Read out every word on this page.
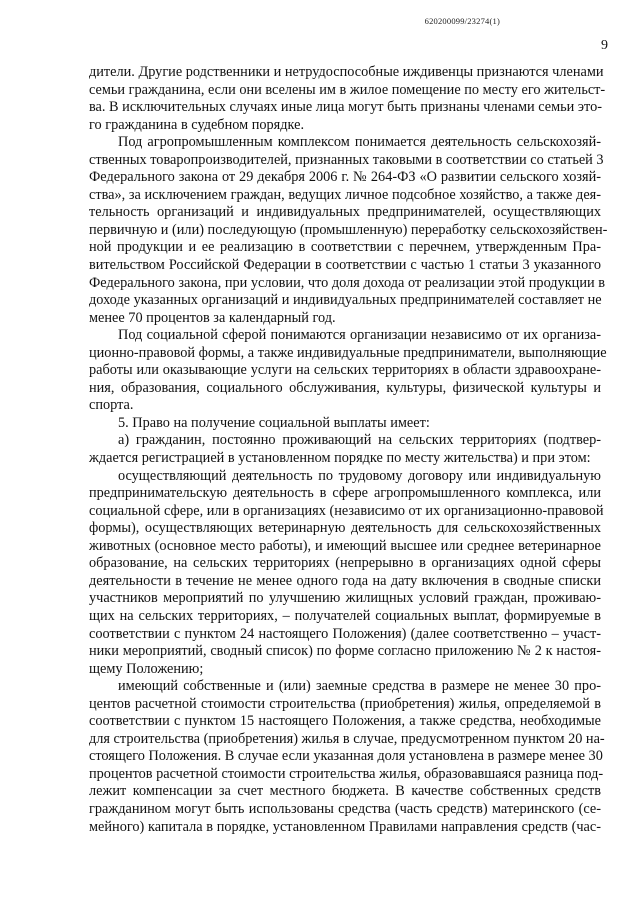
620200099/23274(1)
9
дители. Другие родственники и нетрудоспособные иждивенцы признаются членами
семьи гражданина, если они вселены им в жилое помещение по месту его жительст-
ва. В исключительных случаях иные лица могут быть признаны членами семьи это-
го гражданина в судебном порядке.
Под агропромышленным комплексом понимается деятельность сельскохозяй-
ственных товаропроизводителей, признанных таковыми в соответствии со статьей 3
Федерального закона от 29 декабря 2006 г. № 264-ФЗ «О развитии сельского хозяй-
ства», за исключением граждан, ведущих личное подсобное хозяйство, а также дея-
тельность организаций и индивидуальных предпринимателей, осуществляющих
первичную и (или) последующую (промышленную) переработку сельскохозяйствен-
ной продукции и ее реализацию в соответствии с перечнем, утвержденным Пра-
вительством Российской Федерации в соответствии с частью 1 статьи 3 указанного
Федерального закона, при условии, что доля дохода от реализации этой продукции в
доходе указанных организаций и индивидуальных предпринимателей составляет не
менее 70 процентов за календарный год.
Под социальной сферой понимаются организации независимо от их организа-
ционно-правовой формы, а также индивидуальные предприниматели, выполняющие
работы или оказывающие услуги на сельских территориях в области здравоохране-
ния, образования, социального обслуживания, культуры, физической культуры и
спорта.
5. Право на получение социальной выплаты имеет:
а) гражданин, постоянно проживающий на сельских территориях (подтвер-
ждается регистрацией в установленном порядке по месту жительства) и при этом:
осуществляющий деятельность по трудовому договору или индивидуальную
предпринимательскую деятельность в сфере агропромышленного комплекса, или
социальной сфере, или в организациях (независимо от их организационно-правовой
формы), осуществляющих ветеринарную деятельность для сельскохозяйственных
животных (основное место работы), и имеющий высшее или среднее ветеринарное
образование, на сельских территориях (непрерывно в организациях одной сферы
деятельности в течение не менее одного года на дату включения в сводные списки
участников мероприятий по улучшению жилищных условий граждан, проживаю-
щих на сельских территориях, – получателей социальных выплат, формируемые в
соответствии с пунктом 24 настоящего Положения) (далее соответственно – участ-
ники мероприятий, сводный список) по форме согласно приложению № 2 к настоя-
щему Положению;
имеющий собственные и (или) заемные средства в размере не менее 30 про-
центов расчетной стоимости строительства (приобретения) жилья, определяемой в
соответствии с пунктом 15 настоящего Положения, а также средства, необходимые
для строительства (приобретения) жилья в случае, предусмотренном пунктом 20 на-
стоящего Положения. В случае если указанная доля установлена в размере менее 30
процентов расчетной стоимости строительства жилья, образовавшаяся разница под-
лежит компенсации за счет местного бюджета. В качестве собственных средств
гражданином могут быть использованы средства (часть средств) материнского (се-
мейного) капитала в порядке, установленном Правилами направления средств (час-
